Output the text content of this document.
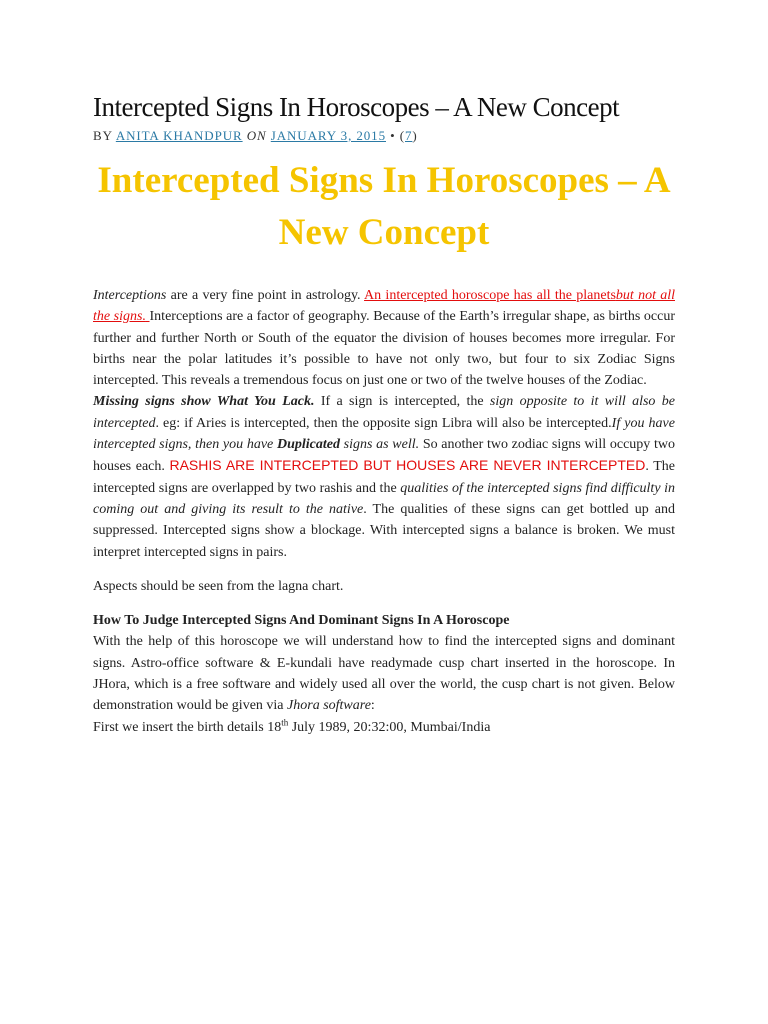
Intercepted Signs In Horoscopes – A New Concept
BY ANITA KHANDPUR ON JANUARY 3, 2015 • (7)
Intercepted Signs In Horoscopes – A New Concept

Interceptions are a very fine point in astrology. An intercepted horoscope has all the planetsbut not all the signs. Interceptions are a factor of geography. Because of the Earth’s irregular shape, as births occur further and further North or South of the equator the division of houses becomes more irregular. For births near the polar latitudes it’s possible to have not only two, but four to six Zodiac Signs intercepted. This reveals a tremendous focus on just one or two of the twelve houses of the Zodiac.

Missing signs show What You Lack. If a sign is intercepted, the sign opposite to it will also be intercepted. eg: if Aries is intercepted, then the opposite sign Libra will also be intercepted.If you have intercepted signs, then you have Duplicated signs as well. So another two zodiac signs will occupy two houses each. RASHIS ARE INTERCEPTED BUT HOUSES ARE NEVER INTERCEPTED. The intercepted signs are overlapped by two rashis and the qualities of the intercepted signs find difficulty in coming out and giving its result to the native. The qualities of these signs can get bottled up and suppressed. Intercepted signs show a blockage. With intercepted signs a balance is broken. We must interpret intercepted signs in pairs.

Aspects should be seen from the lagna chart.

How To Judge Intercepted Signs And Dominant Signs In A Horoscope

With the help of this horoscope we will understand how to find the intercepted signs and dominant signs. Astro-office software & E-kundali have readymade cusp chart inserted in the horoscope. In JHora, which is a free software and widely used all over the world, the cusp chart is not given. Below demonstration would be given via Jhora software:

First we insert the birth details 18th July 1989, 20:32:00, Mumbai/India
